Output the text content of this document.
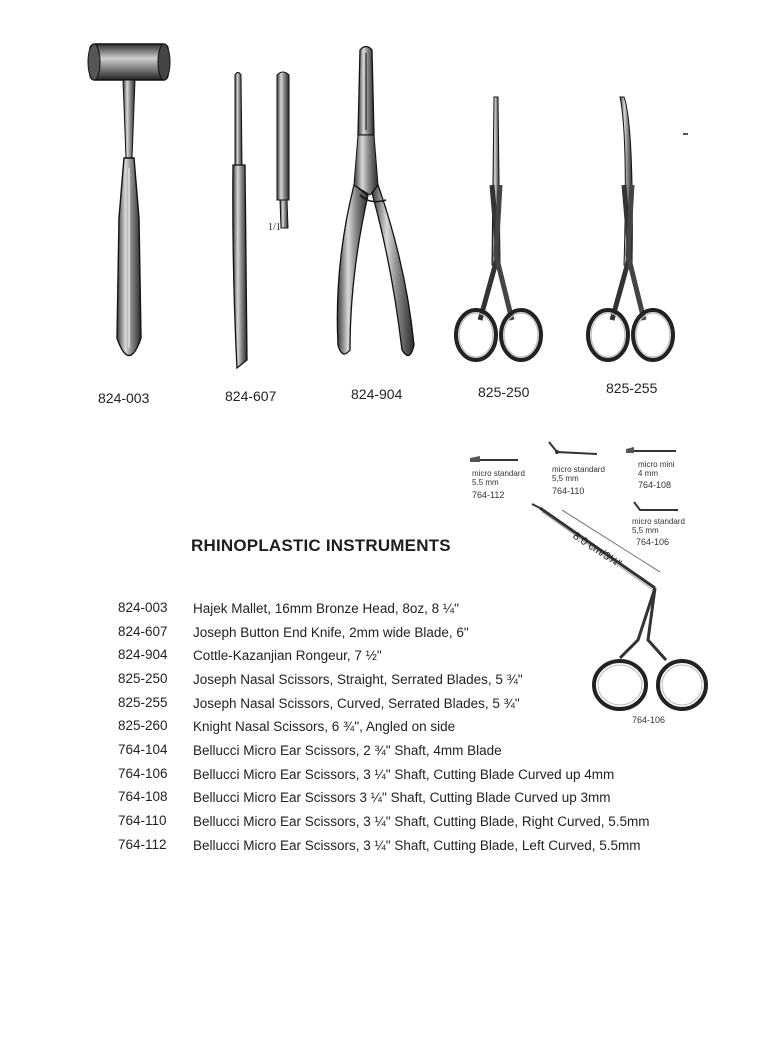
824-003
1/1
824-607	824-904	825-250	825-255
micro standard
5.5 mm
764-112
micro standard
5,5 mm
764-110
micro mini
4 mm
764-108
micro standard
5,5 mm
764-106
8.0 cm/3¼"
764-106
RHINOPLASTIC INSTRUMENTS
824-003 Hajek Mallet, 16mm Bronze Head, 8oz, 8 ¼"
824-607 Joseph Button End Knife, 2mm wide Blade, 6"
824-904 Cottle-Kazanjian Rongeur, 7 ½"
825-250 Joseph Nasal Scissors, Straight, Serrated Blades, 5 ¾"
825-255 Joseph Nasal Scissors, Curved, Serrated Blades, 5 ¾"
825-260 Knight Nasal Scissors, 6 ¾", Angled on side
764-104 Bellucci Micro Ear Scissors, 2 ¾" Shaft, 4mm Blade
764-106 Bellucci Micro Ear Scissors, 3 ¼" Shaft, Cutting Blade Curved up 4mm
764-108 Bellucci Micro Ear Scissors 3 ¼" Shaft, Cutting Blade Curved up 3mm
764-110 Bellucci Micro Ear Scissors, 3 ¼" Shaft, Cutting Blade, Right Curved, 5.5mm
764-112 Bellucci Micro Ear Scissors, 3 ¼" Shaft, Cutting Blade, Left Curved, 5.5mm
